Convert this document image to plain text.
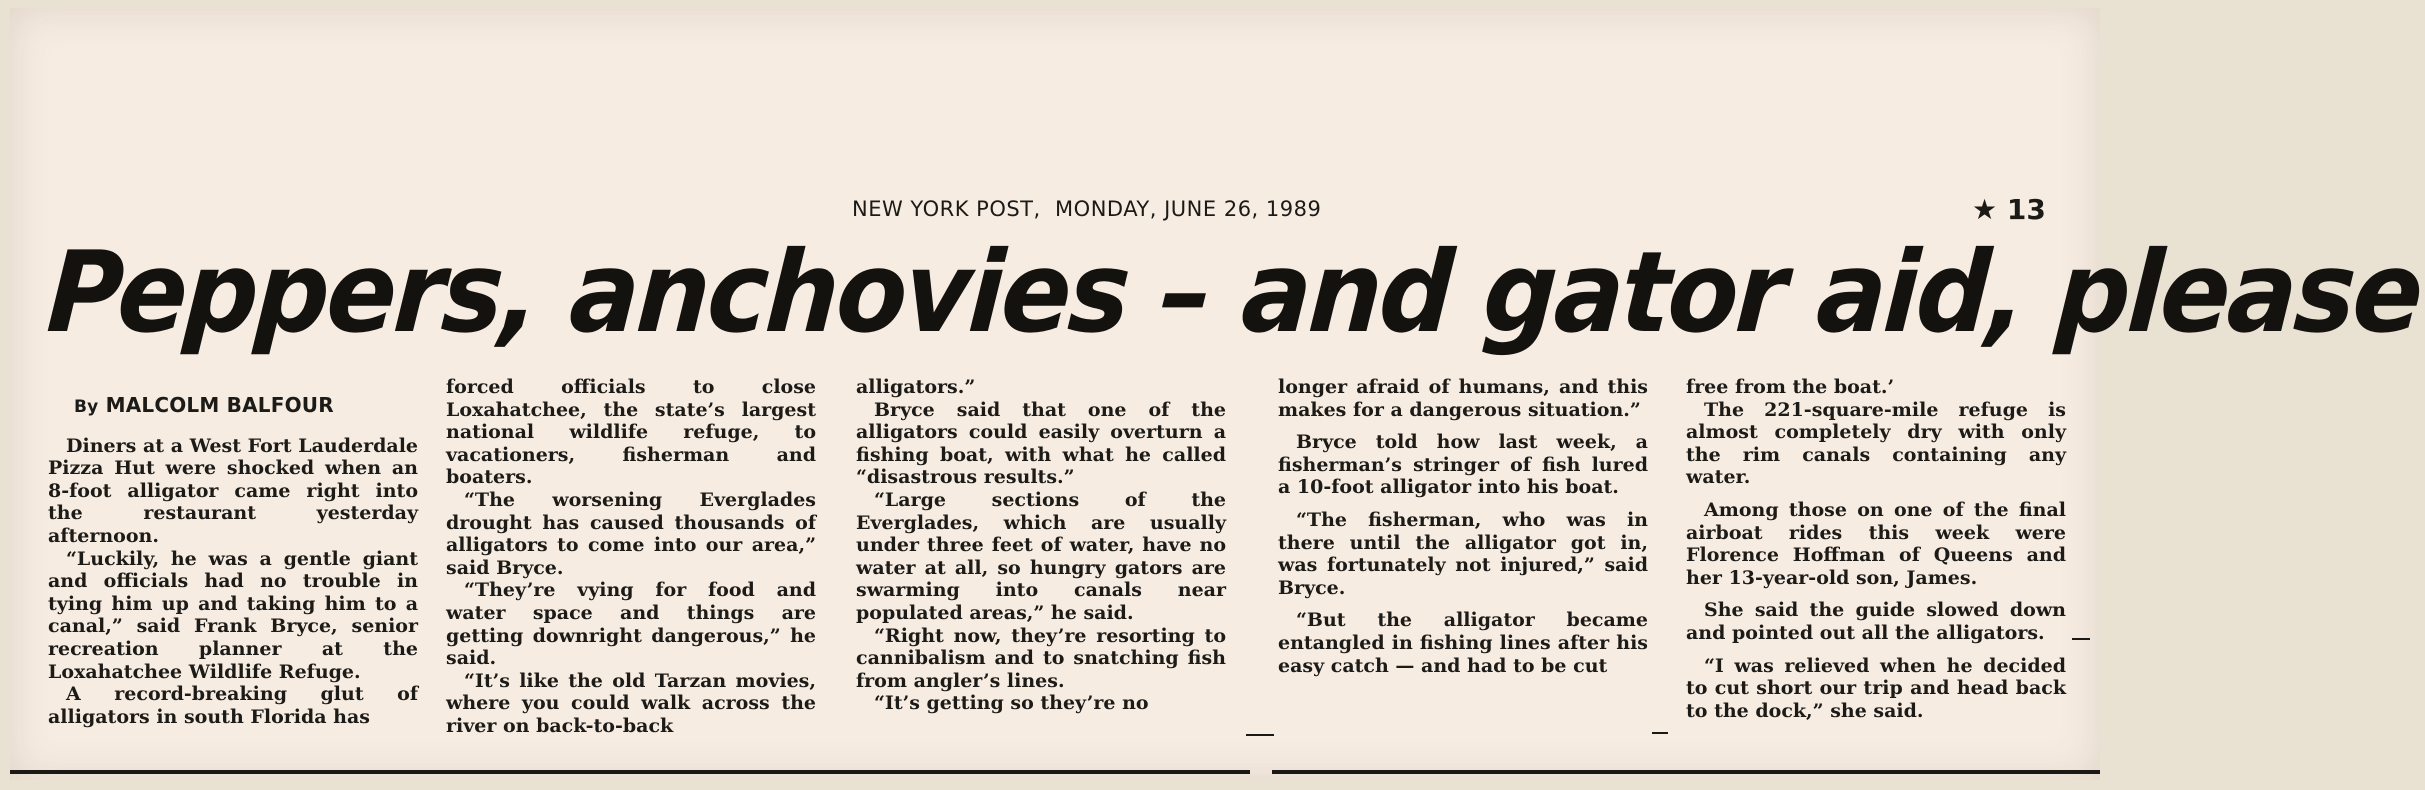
NEW YORK POST,  MONDAY, JUNE 26, 1989	★ 13
Peppers, anchovies – and gator aid, please
By MALCOLM BALFOUR

Diners at a West Fort Lauderdale Pizza Hut were shocked when an 8-foot alligator came right into the restaurant yesterday afternoon.

“Luckily, he was a gentle giant and officials had no trouble in tying him up and taking him to a canal,” said Frank Bryce, senior recreation planner at the Loxahatchee Wildlife Refuge.

A record-breaking glut of alligators in south Florida has

forced officials to close Loxahatchee, the state’s largest national wildlife refuge, to vacationers, fisherman and boaters.

“The worsening Everglades drought has caused thousands of alligators to come into our area,” said Bryce.

“They’re vying for food and water space and things are getting downright dangerous,” he said.

“It’s like the old Tarzan movies, where you could walk across the river on back-to-back

alligators.”

Bryce said that one of the alligators could easily overturn a fishing boat, with what he called “disastrous results.”

“Large sections of the Everglades, which are usually under three feet of water, have no water at all, so hungry gators are swarming into canals near populated areas,” he said.

“Right now, they’re resorting to cannibalism and to snatching fish from angler’s lines.

“It’s getting so they’re no

longer afraid of humans, and this makes for a dangerous situation.”

Bryce told how last week, a fisherman’s stringer of fish lured a 10-foot alligator into his boat.

“The fisherman, who was in there until the alligator got in, was fortunately not injured,” said Bryce.

“But the alligator became entangled in fishing lines after his easy catch — and had to be cut

free from the boat.’

The 221-square-mile refuge is almost completely dry with only the rim canals containing any water.

Among those on one of the final airboat rides this week were Florence Hoffman of Queens and her 13-year-old son, James.

She said the guide slowed down and pointed out all the alligators.

“I was relieved when he decided to cut short our trip and head back to the dock,” she said.
